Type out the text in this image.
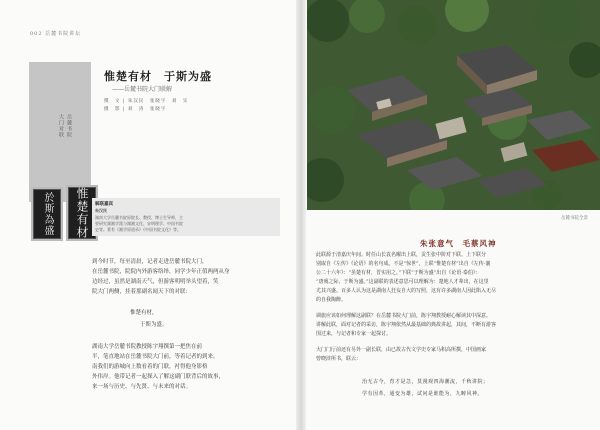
002 岳麓书院讲坛
岳麓书院
大门对联
於斯為盛	惟楚有材
惟楚有材　于斯为盛
——岳麓书院大门联解
撰　文 | 朱汉民　张晓宇　刘　实
摄　影 | 刘　涛　张晓宇
解联嘉宾
朱汉民
湖南大学岳麓书院原院长、教授、博士生导师，主
要研究湖湘学派与湖湘文化、宋明理学、中国书院
史等。著有《湘学原道录》《中国书院文化》等。
到今时节，每至清晨，记者走进岳麓书院大门，
在岳麓书院，院院内外游客络绎，同学少年正值两两从身
边经过，虽然是湖南天气，但游客明明举头望着，笑
院大门两侧，挂着那副名闻天下的对联：
惟楚有材，
于斯为盛。
湖南大学岳麓书院教授陈宇翔撰第一把焦在前
半，笔直地站在岳麓书院大门前，等着记者的到来。
南我们的游城向上数看着的门联，衬得他身影格
外伟岸。他带记者一起探入了解这副门联背后的故事，
来一场与历史、与先贤、与未来的对话。
岳麓书院全景
朱张意气　毛蔡风神
此联源于清嘉庆年间。时任山长袁名曜出上联，贡生张中阶对下联。上下联分
别取自《左传》《论语》的名句成。不是“惊世”，上联“惟楚有材”出自《左传·襄
公二十六年》：“虽楚有材，晋实用之。”下联“于斯为盛”出自《论语·泰伯》：
“唐虞之际，于斯为盛。”这副联的表述意思可以理解为：楚地人才辈出，在这里
尤其兴盛。百多人认为这是湖南人狂妄自大的写照，这有许多湖南人因此陷入无尽
的自我陶醉。
调旅应该如何理解这副联？在岳麓书院大门前，陈宇翔教授耐心解读其中深意。
讲解此联，面对记者的采访，陈宇翔依然从最基础的典故讲起，其间，不断有游客
围过来，与记者和专家一起探讨。
大门门厅前还有另外一副长联，由已故古代文学史专家马积高所撰，中国画家
曾晓浒所书，联云：
治无古今，育才是急，莫漫观四海潮流，千秋讲院；
学有因革，通变为雄，试问是谁能为，九畴风神。
